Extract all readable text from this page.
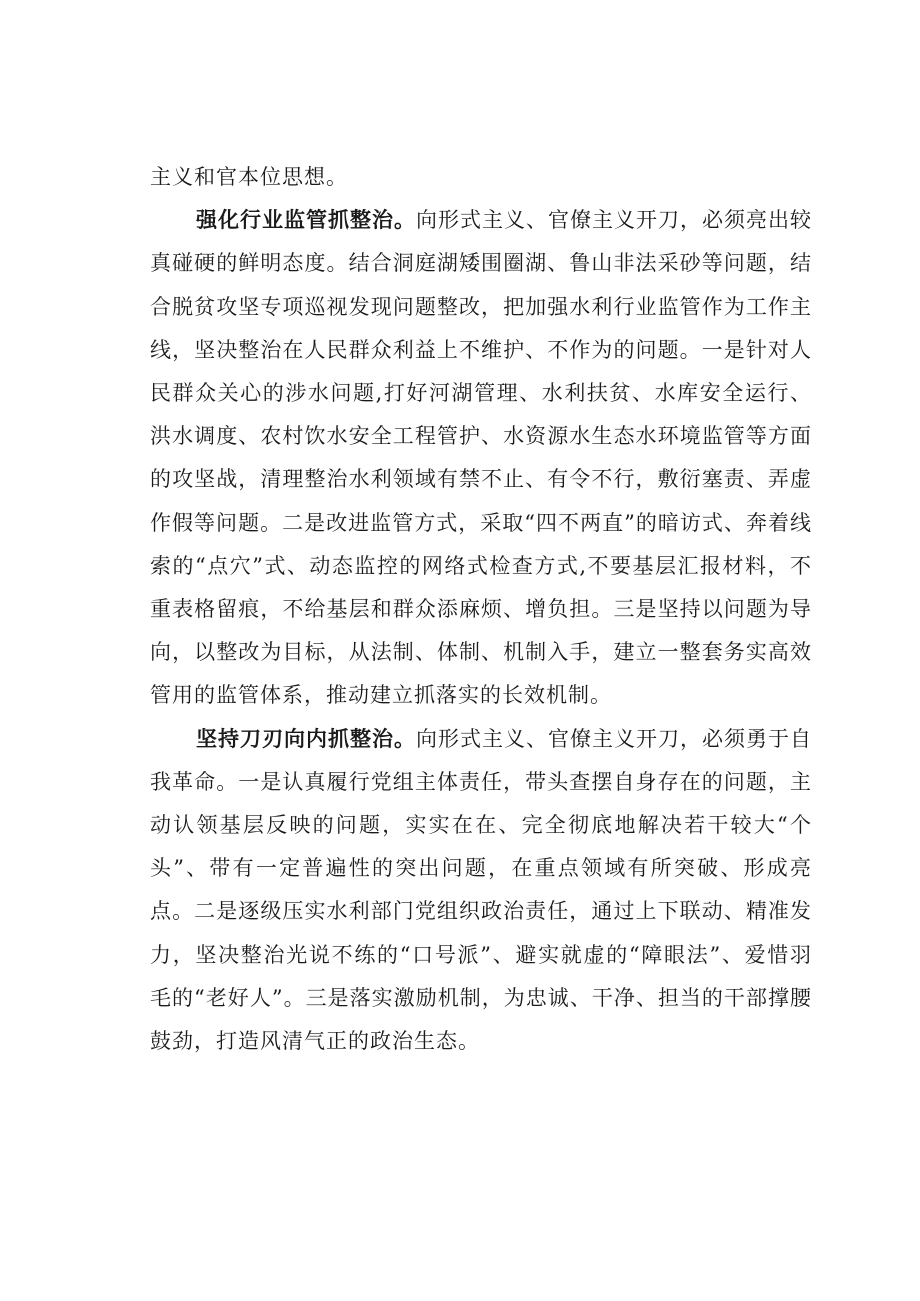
主义和官本位思想。

强化行业监管抓整治。向形式主义、官僚主义开刀，必须亮出较真碰硬的鲜明态度。结合洞庭湖矮围圈湖、鲁山非法采砂等问题，结合脱贫攻坚专项巡视发现问题整改，把加强水利行业监管作为工作主线，坚决整治在人民群众利益上不维护、不作为的问题。一是针对人民群众关心的涉水问题,打好河湖管理、水利扶贫、水库安全运行、洪水调度、农村饮水安全工程管护、水资源水生态水环境监管等方面的攻坚战，清理整治水利领域有禁不止、有令不行，敷衍塞责、弄虚作假等问题。二是改进监管方式，采取“四不两直”的暗访式、奔着线索的“点穴”式、动态监控的网络式检查方式,不要基层汇报材料，不重表格留痕，不给基层和群众添麻烦、增负担。三是坚持以问题为导向，以整改为目标，从法制、体制、机制入手，建立一整套务实高效管用的监管体系，推动建立抓落实的长效机制。

坚持刀刃向内抓整治。向形式主义、官僚主义开刀，必须勇于自我革命。一是认真履行党组主体责任，带头查摆自身存在的问题，主动认领基层反映的问题，实实在在、完全彻底地解决若干较大“个头”、带有一定普遍性的突出问题，在重点领域有所突破、形成亮点。二是逐级压实水利部门党组织政治责任，通过上下联动、精准发力，坚决整治光说不练的“口号派”、避实就虚的“障眼法”、爱惜羽毛的“老好人”。三是落实激励机制，为忠诚、干净、担当的干部撑腰鼓劲，打造风清气正的政治生态。
